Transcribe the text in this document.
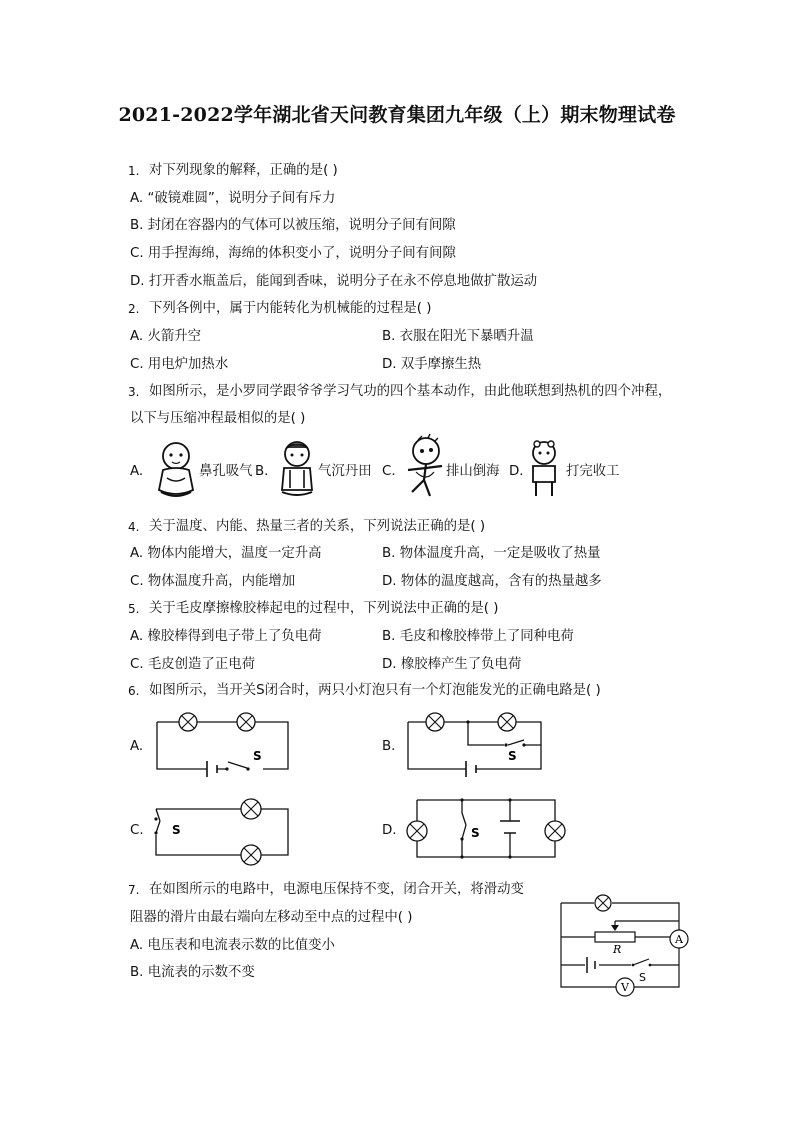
2021-2022学年湖北省天问教育集团九年级（上）期末物理试卷
1. 对下列现象的解释，正确的是( )
A. “破镜难圆”，说明分子间有斥力
B. 封闭在容器内的气体可以被压缩，说明分子间有间隙
C. 用手捏海绵，海绵的体积变小了，说明分子间有间隙
D. 打开香水瓶盖后，能闻到香味，说明分子在永不停息地做扩散运动
2. 下列各例中，属于内能转化为机械能的过程是( )
A. 火箭升空	B. 衣服在阳光下暴晒升温
C. 用电炉加热水	D. 双手摩擦生热
3. 如图所示，是小罗同学跟爷爷学习气功的四个基本动作，由此他联想到热机的四个冲程，
以下与压缩冲程最相似的是( )
A.	鼻孔吸气 B.	气沉丹田 C.	排山倒海 D.	打完收工
4. 关于温度、内能、热量三者的关系，下列说法正确的是( )
A. 物体内能增大，温度一定升高	B. 物体温度升高，一定是吸收了热量
C. 物体温度升高，内能增加	D. 物体的温度越高，含有的热量越多
5. 关于毛皮摩擦橡胶棒起电的过程中，下列说法中正确的是( )
A. 橡胶棒得到电子带上了负电荷	B. 毛皮和橡胶棒带上了同种电荷
C. 毛皮创造了正电荷	D. 橡胶棒产生了负电荷
6. 如图所示，当开关S闭合时，两只小灯泡只有一个灯泡能发光的正确电路是( )
A.
S
B.
S
C. S	D.	S
7. 在如图所示的电路中，电源电压保持不变，闭合开关，将滑动变
阻器的滑片由最右端向左移动至中点的过程中( )
A. 电压表和电流表示数的比值变小
B. 电流表的示数不变
A
V
R
S
